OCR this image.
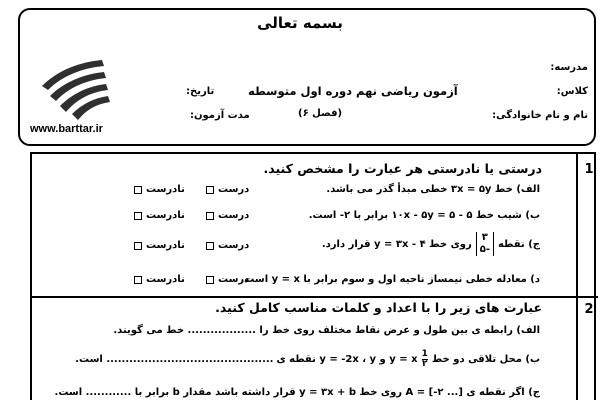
بسمه تعالی
مدرسه:
کلاس:
نام و نام خانوادگی:
آزمون ریاضی نهم دوره اول متوسطه
تاریخ:
(فصل ۶)
مدت آزمون:
www.barttar.ir
1
2
درستی یا نادرستی هر عبارت را مشخص کنید.
الف) خط ۳x = ۵y خطی مبدأ گذر می باشد.
درست
نادرست
ب) شیب خط ۵ - ۱۰x - ۵y = ۵ برابر با ۲- است.
درست
نادرست
ج) نقطه
۳
-۵
روی خط ۴ - y = ۳x قرار دارد.
درست
نادرست
د) معادله خطی نیمساز ناحیه اول و سوم برابر با y = x است.
درست
نادرست
عبارت های زیر را با اعداد و کلمات مناسب کامل کنید.
الف) رابطه ی بین طول و عرض نقاط مختلف روی خط را .................. خط می گویند.
ب) محل تلاقی دو خط
$\frac{1}{۲}$
y = x و y = -2x ، y نقطه ی
............................................ است.
ج) اگر نقطه ی A = [-۲ ...] روی خط y = ۳x + b قرار داشته باشد مقدار b برابر با ............ است.
